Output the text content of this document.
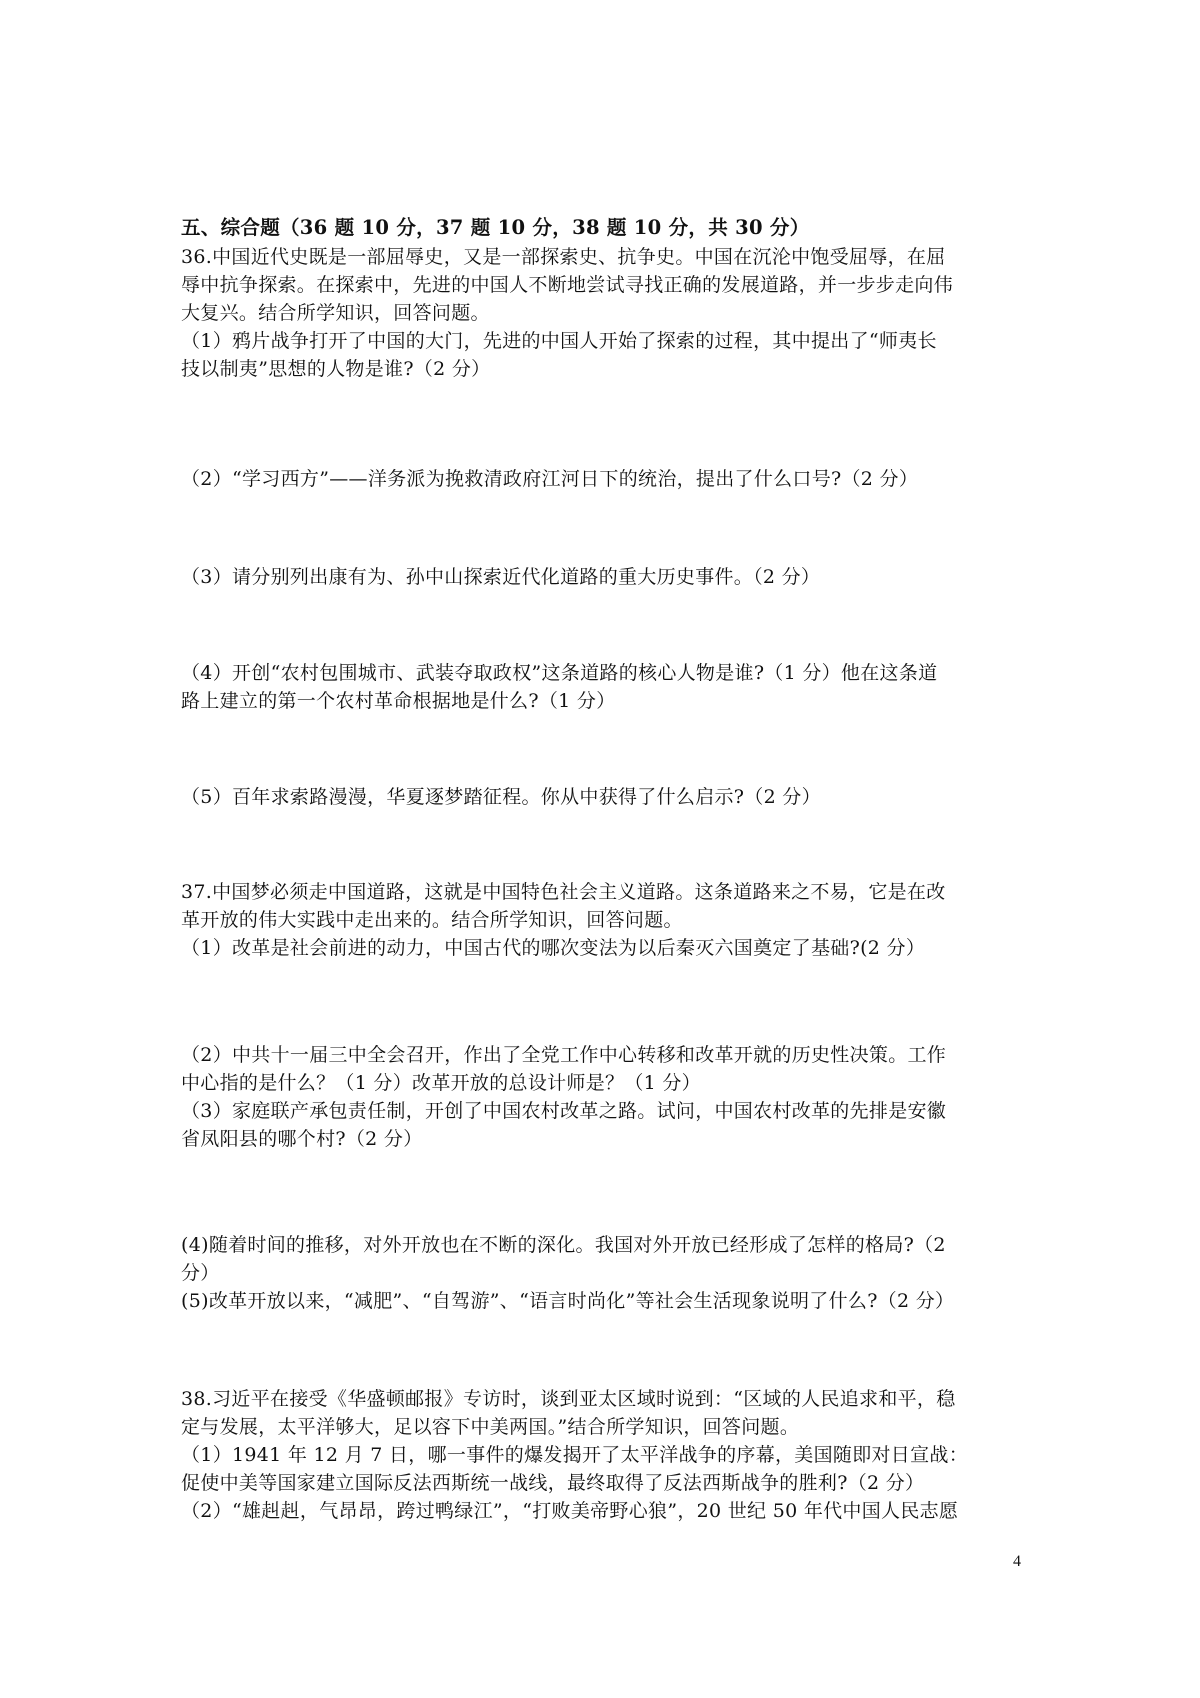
五、综合题（36 题 10 分，37 题 10 分，38 题 10 分，共 30 分）
36.中国近代史既是一部屈辱史，又是一部探索史、抗争史。中国在沉沦中饱受屈辱，在屈
辱中抗争探索。在探索中，先进的中国人不断地尝试寻找正确的发展道路，并一步步走向伟
大复兴。结合所学知识，回答问题。
（1）鸦片战争打开了中国的大门，先进的中国人开始了探索的过程，其中提出了“师夷长
技以制夷”思想的人物是谁?（2 分）
（2）“学习西方”——洋务派为挽救清政府江河日下的统治，提出了什么口号?（2 分）
（3）请分别列出康有为、孙中山探索近代化道路的重大历史事件。（2 分）
（4）开创“农村包围城市、武装夺取政权”这条道路的核心人物是谁?（1 分）他在这条道
路上建立的第一个农村革命根据地是什么?（1 分）
（5）百年求索路漫漫，华夏逐梦踏征程。你从中获得了什么启示?（2 分）
37.中国梦必须走中国道路，这就是中国特色社会主义道路。这条道路来之不易，它是在改
革开放的伟大实践中走出来的。结合所学知识，回答问题。
（1）改革是社会前进的动力，中国古代的哪次变法为以后秦灭六国奠定了基础?(2 分）
（2）中共十一届三中全会召开，作出了全党工作中心转移和改革开就的历史性决策。工作
中心指的是什么？（1 分）改革开放的总设计师是？（1 分）
（3）家庭联产承包责任制，开创了中国农村改革之路。试问，中国农村改革的先排是安徽
省凤阳县的哪个村?（2 分）
(4)随着时间的推移，对外开放也在不断的深化。我国对外开放已经形成了怎样的格局?（2
分）
(5)改革开放以来，“减肥”、“自驾游”、“语言时尚化”等社会生活现象说明了什么?（2 分）
38.习近平在接受《华盛顿邮报》专访时，谈到亚太区域时说到：“区域的人民追求和平，稳
定与发展，太平洋够大，足以容下中美两国。”结合所学知识，回答问题。
（1）1941 年 12 月 7 日，哪一事件的爆发揭开了太平洋战争的序幕，美国随即对日宣战：
促使中美等国家建立国际反法西斯统一战线，最终取得了反法西斯战争的胜利?（2 分）
（2）“雄赳赳，气昂昂，跨过鸭绿江”，“打败美帝野心狼”，20 世纪 50 年代中国人民志愿
4
